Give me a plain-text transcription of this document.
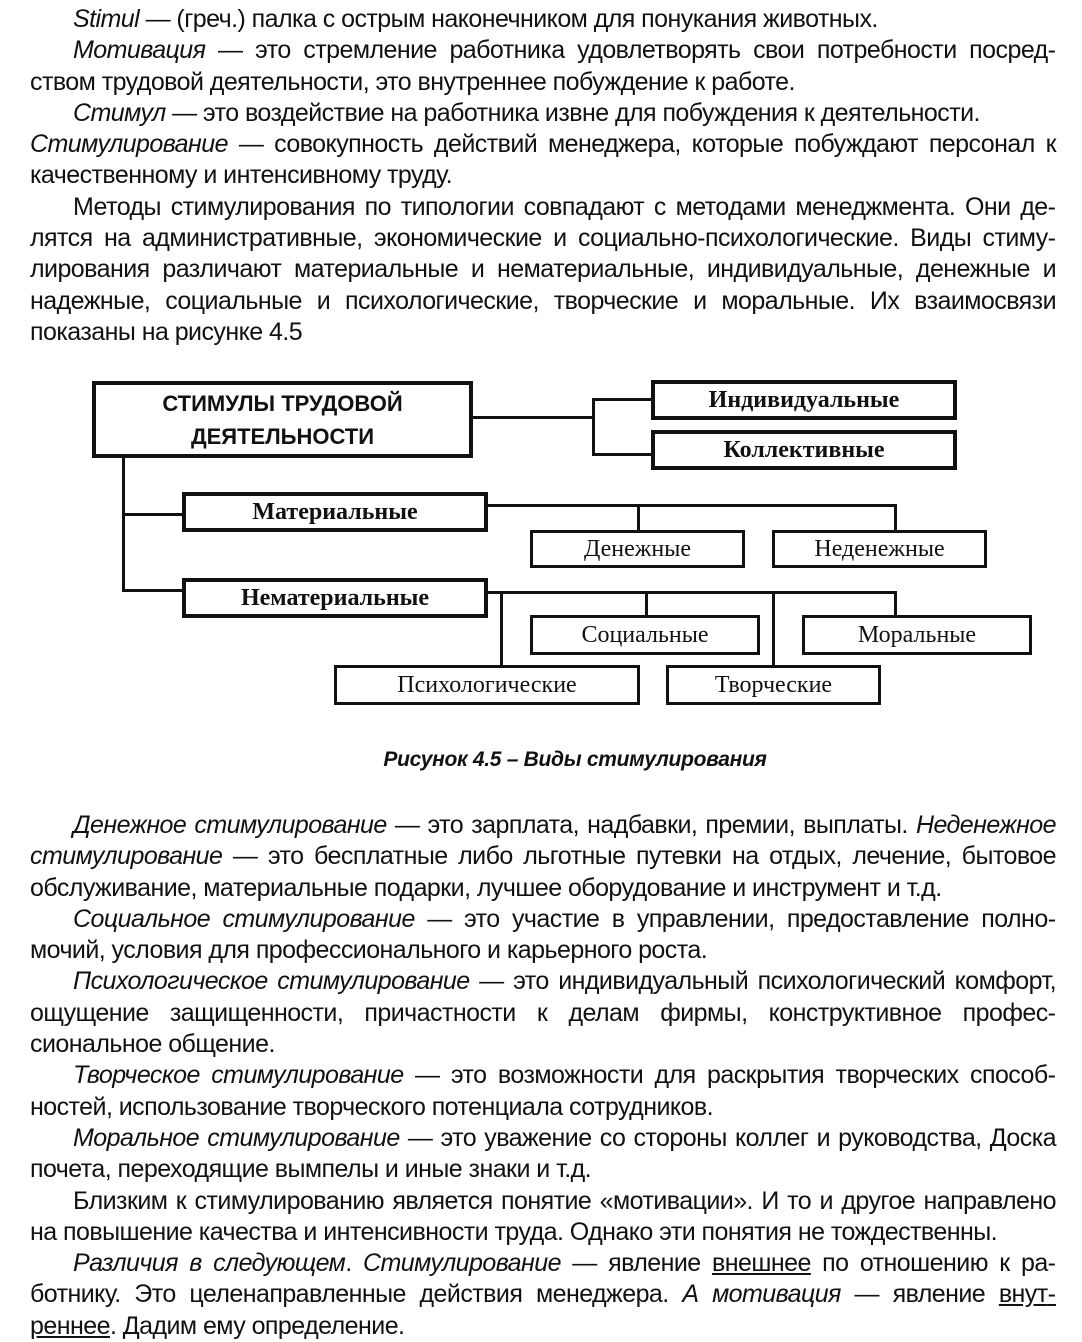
Stimul — (греч.) палка с острым наконечником для понукания животных.

Мотивация — это стремление работника удовлетворять свои потребности посредством трудовой деятельности, это внутреннее побуждение к работе.

Стимул — это воздействие на работника извне для побуждения к деятельности.

Стимулирование — совокупность действий менеджера, которые побуждают персонал к качественному и интенсивному труду.

Методы стимулирования по типологии совпадают с методами менеджмента. Они делятся на административные, экономические и социально-психологические. Виды стимулирования различают материальные и нематериальные, индивидуальные, денежные и надежные, социальные и психологические, творческие и моральные. Их взаимосвязи показаны на рисунке 4.5

СТИМУЛЫ ТРУДОВОЙ
ДЕЯТЕЛЬНОСТИ
Индивидуальные
Коллективные
Материальные
Денежные	Неденежные
Нематериальные
Социальные	Моральные
Психологические	Творческие
Рисунок 4.5 – Виды стимулирования

Денежное стимулирование — это зарплата, надбавки, премии, выплаты. Неденежное стимулирование — это бесплатные либо льготные путевки на отдых, лечение, бытовое обслуживание, материальные подарки, лучшее оборудование и инструмент и т.д.

Социальное стимулирование — это участие в управлении, предоставление полномочий, условия для профессионального и карьерного роста.

Психологическое стимулирование — это индивидуальный психологический комфорт, ощущение защищенности, причастности к делам фирмы, конструктивное профессиональное общение.

Творческое стимулирование — это возможности для раскрытия творческих способностей, использование творческого потенциала сотрудников.

Моральное стимулирование — это уважение со стороны коллег и руководства, Доска почета, переходящие вымпелы и иные знаки и т.д.

Близким к стимулированию является понятие «мотивации». И то и другое направлено на повышение качества и интенсивности труда. Однако эти понятия не тождественны.

Различия в следующем. Стимулирование — явление внешнее по отношению к работнику. Это целенаправленные действия менеджера. А мотивация — явление внутреннее. Дадим ему определение.
